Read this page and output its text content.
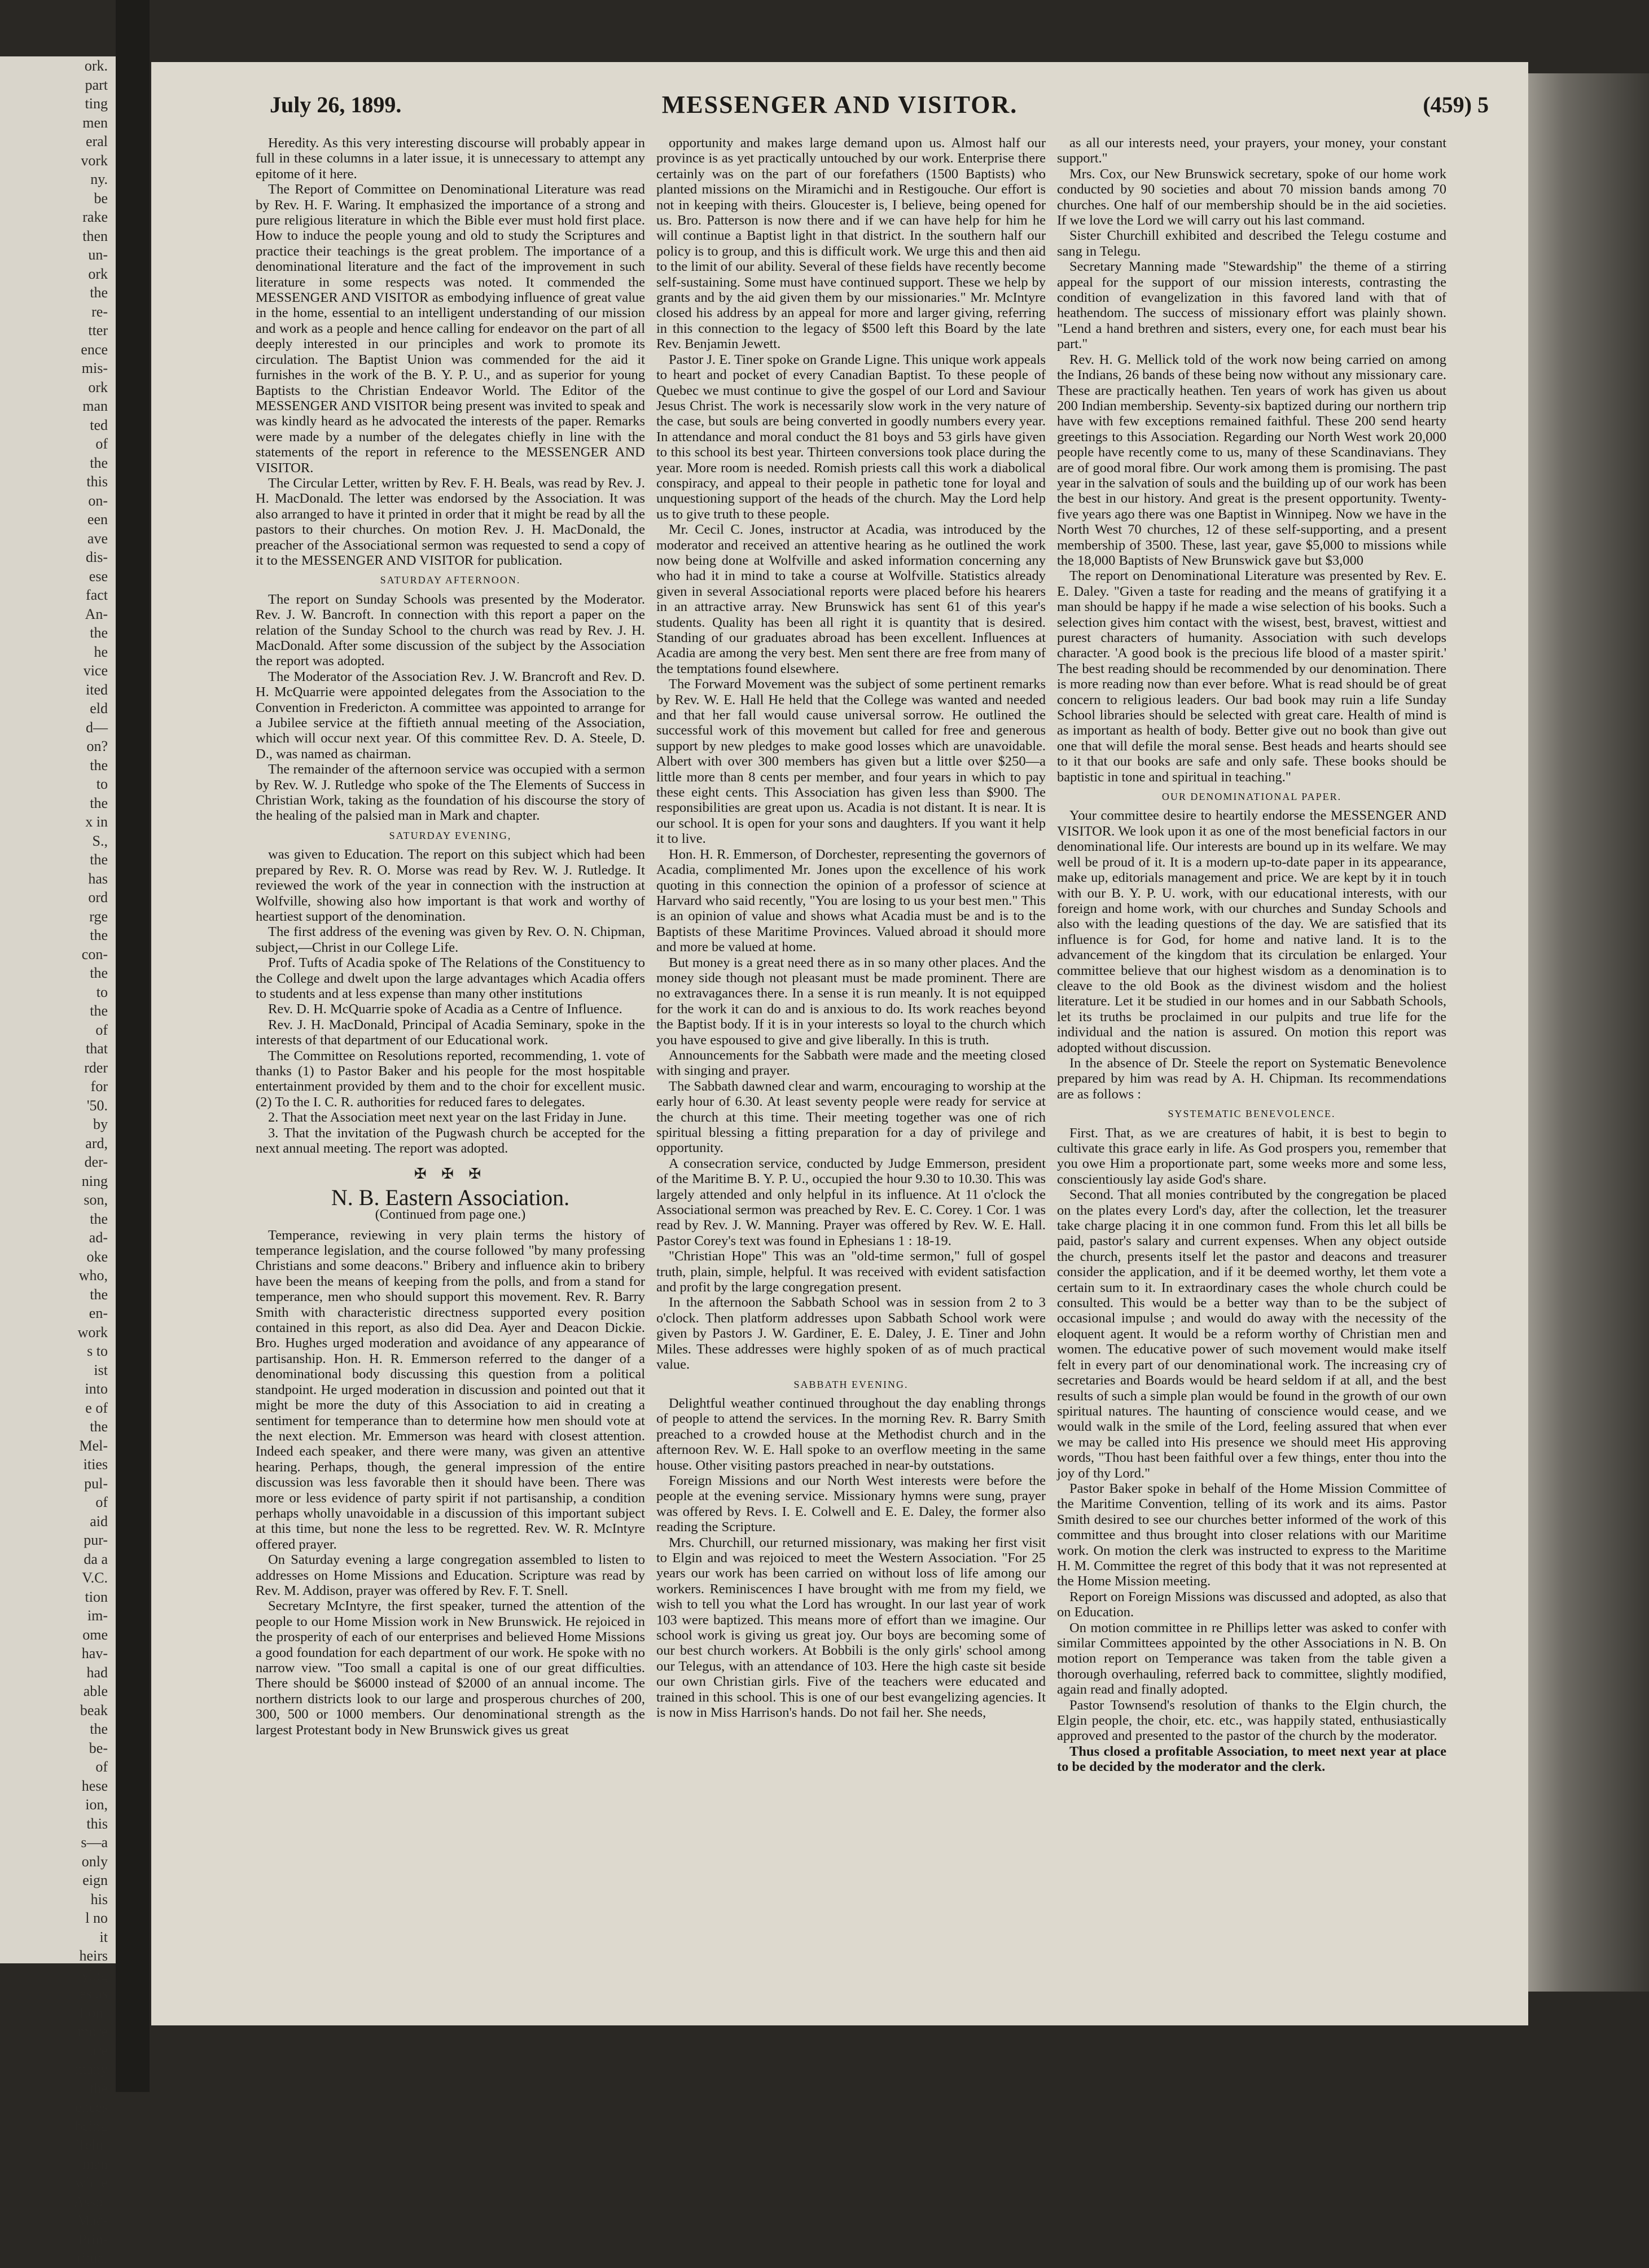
ork.
part
ting
men
eral
vork
ny.
be
rake
then
un-
ork
the
re-
tter
ence
mis-
ork
man
ted
of
the
this
on-
een
ave
dis-
ese
fact
An-
the
he
vice
ited
eld
d—
on?
the
to
the
x in
S.,
the
has
ord
rge
the
con-
the
to
the
of
that
rder
for
'50.
by
ard,
der-
ning
son,
the
ad-
oke
who,
the
en-
work
s to
ist
into
e of
the
Mel-
ities
pul-
of
aid
pur-
da a
V.C.
tion
im-
ome
hav-
had
able
beak
the
be-
of
hese
ion,
this
s—a
only
eign
his
l no
it
heirs
ying
es as
Lon-
more
are
many
the
ences
being
Telu-
man
while
Asso-
Mac-
Prin-
ritual
July 26, 1899.	MESSENGER AND VISITOR.	(459) 5

Heredity. As this very interesting discourse will probably appear in full in these columns in a later issue, it is unnecessary to attempt any epitome of it here.

The Report of Committee on Denominational Literature was read by Rev. H. F. Waring. It emphasized the importance of a strong and pure religious literature in which the Bible ever must hold first place. How to induce the people young and old to study the Scriptures and practice their teachings is the great problem. The importance of a denominational literature and the fact of the improvement in such literature in some respects was noted. It commended the MESSENGER AND VISITOR as embodying influence of great value in the home, essential to an intelligent understanding of our mission and work as a people and hence calling for endeavor on the part of all deeply interested in our principles and work to promote its circulation. The Baptist Union was commended for the aid it furnishes in the work of the B. Y. P. U., and as superior for young Baptists to the Christian Endeavor World. The Editor of the MESSENGER AND VISITOR being present was invited to speak and was kindly heard as he advocated the interests of the paper. Remarks were made by a number of the delegates chiefly in line with the statements of the report in reference to the MESSENGER AND VISITOR.

The Circular Letter, written by Rev. F. H. Beals, was read by Rev. J. H. MacDonald. The letter was endorsed by the Association. It was also arranged to have it printed in order that it might be read by all the pastors to their churches. On motion Rev. J. H. MacDonald, the preacher of the Associational sermon was requested to send a copy of it to the MESSENGER AND VISITOR for publication.

SATURDAY AFTERNOON.

The report on Sunday Schools was presented by the Moderator. Rev. J. W. Bancroft. In connection with this report a paper on the relation of the Sunday School to the church was read by Rev. J. H. MacDonald. After some discussion of the subject by the Association the report was adopted.

The Moderator of the Association Rev. J. W. Brancroft and Rev. D. H. McQuarrie were appointed delegates from the Association to the Convention in Fredericton. A committee was appointed to arrange for a Jubilee service at the fiftieth annual meeting of the Association, which will occur next year. Of this committee Rev. D. A. Steele, D. D., was named as chairman.

The remainder of the afternoon service was occupied with a sermon by Rev. W. J. Rutledge who spoke of the The Elements of Success in Christian Work, taking as the foundation of his discourse the story of the healing of the palsied man in Mark and chapter.

SATURDAY EVENING,

was given to Education. The report on this subject which had been prepared by Rev. R. O. Morse was read by Rev. W. J. Rutledge. It reviewed the work of the year in connection with the instruction at Wolfville, showing also how important is that work and worthy of heartiest support of the denomination.

The first address of the evening was given by Rev. O. N. Chipman, subject,—Christ in our College Life.

Prof. Tufts of Acadia spoke of The Relations of the Constituency to the College and dwelt upon the large advantages which Acadia offers to students and at less expense than many other institutions

Rev. D. H. McQuarrie spoke of Acadia as a Centre of Influence.

Rev. J. H. MacDonald, Principal of Acadia Seminary, spoke in the interests of that department of our Educational work.

The Committee on Resolutions reported, recommending, 1. vote of thanks (1) to Pastor Baker and his people for the most hospitable entertainment provided by them and to the choir for excellent music. (2) To the I. C. R. authorities for reduced fares to delegates.

2. That the Association meet next year on the last Friday in June.

3. That the invitation of the Pugwash church be accepted for the next annual meeting. The report was adopted.

✠ ✠ ✠
N. B. Eastern Association.
(Continued from page one.)

Temperance, reviewing in very plain terms the history of temperance legislation, and the course followed "by many professing Christians and some deacons." Bribery and influence akin to bribery have been the means of keeping from the polls, and from a stand for temperance, men who should support this movement. Rev. R. Barry Smith with characteristic directness supported every position contained in this report, as also did Dea. Ayer and Deacon Dickie. Bro. Hughes urged moderation and avoidance of any appearance of partisanship. Hon. H. R. Emmerson referred to the danger of a denominational body discussing this question from a political standpoint. He urged moderation in discussion and pointed out that it might be more the duty of this Association to aid in creating a sentiment for temperance than to determine how men should vote at the next election. Mr. Emmerson was heard with closest attention. Indeed each speaker, and there were many, was given an attentive hearing. Perhaps, though, the general impression of the entire discussion was less favorable then it should have been. There was more or less evidence of party spirit if not partisanship, a condition perhaps wholly unavoidable in a discussion of this important subject at this time, but none the less to be regretted. Rev. W. R. McIntyre offered prayer.

On Saturday evening a large congregation assembled to listen to addresses on Home Missions and Education. Scripture was read by Rev. M. Addison, prayer was offered by Rev. F. T. Snell.

Secretary McIntyre, the first speaker, turned the attention of the people to our Home Mission work in New Brunswick. He rejoiced in the prosperity of each of our enterprises and believed Home Missions a good foundation for each department of our work. He spoke with no narrow view. "Too small a capital is one of our great difficulties. There should be $6000 instead of $2000 of an annual income. The northern districts look to our large and prosperous churches of 200, 300, 500 or 1000 members. Our denominational strength as the largest Protestant body in New Brunswick gives us great

opportunity and makes large demand upon us. Almost half our province is as yet practically untouched by our work. Enterprise there certainly was on the part of our forefathers (1500 Baptists) who planted missions on the Miramichi and in Restigouche. Our effort is not in keeping with theirs. Gloucester is, I believe, being opened for us. Bro. Patterson is now there and if we can have help for him he will continue a Baptist light in that district. In the southern half our policy is to group, and this is difficult work. We urge this and then aid to the limit of our ability. Several of these fields have recently become self-sustaining. Some must have continued support. These we help by grants and by the aid given them by our missionaries." Mr. McIntyre closed his address by an appeal for more and larger giving, referring in this connection to the legacy of $500 left this Board by the late Rev. Benjamin Jewett.

Pastor J. E. Tiner spoke on Grande Ligne. This unique work appeals to heart and pocket of every Canadian Baptist. To these people of Quebec we must continue to give the gospel of our Lord and Saviour Jesus Christ. The work is necessarily slow work in the very nature of the case, but souls are being converted in goodly numbers every year. In attendance and moral conduct the 81 boys and 53 girls have given to this school its best year. Thirteen conversions took place during the year. More room is needed. Romish priests call this work a diabolical conspiracy, and appeal to their people in pathetic tone for loyal and unquestioning support of the heads of the church. May the Lord help us to give truth to these people.

Mr. Cecil C. Jones, instructor at Acadia, was introduced by the moderator and received an attentive hearing as he outlined the work now being done at Wolfville and asked information concerning any who had it in mind to take a course at Wolfville. Statistics already given in several Associational reports were placed before his hearers in an attractive array. New Brunswick has sent 61 of this year's students. Quality has been all right it is quantity that is desired. Standing of our graduates abroad has been excellent. Influences at Acadia are among the very best. Men sent there are free from many of the temptations found elsewhere.

The Forward Movement was the subject of some pertinent remarks by Rev. W. E. Hall He held that the College was wanted and needed and that her fall would cause universal sorrow. He outlined the successful work of this movement but called for free and generous support by new pledges to make good losses which are unavoidable. Albert with over 300 members has given but a little over $250—a little more than 8 cents per member, and four years in which to pay these eight cents. This Association has given less than $900. The responsibilities are great upon us. Acadia is not distant. It is near. It is our school. It is open for your sons and daughters. If you want it help it to live.

Hon. H. R. Emmerson, of Dorchester, representing the governors of Acadia, complimented Mr. Jones upon the excellence of his work quoting in this connection the opinion of a professor of science at Harvard who said recently, "You are losing to us your best men." This is an opinion of value and shows what Acadia must be and is to the Baptists of these Maritime Provinces. Valued abroad it should more and more be valued at home.

But money is a great need there as in so many other places. And the money side though not pleasant must be made prominent. There are no extravagances there. In a sense it is run meanly. It is not equipped for the work it can do and is anxious to do. Its work reaches beyond the Baptist body. If it is in your interests so loyal to the church which you have espoused to give and give liberally. In this is truth.

Announcements for the Sabbath were made and the meeting closed with singing and prayer.

The Sabbath dawned clear and warm, encouraging to worship at the early hour of 6.30. At least seventy people were ready for service at the church at this time. Their meeting together was one of rich spiritual blessing a fitting preparation for a day of privilege and opportunity.

A consecration service, conducted by Judge Emmerson, president of the Maritime B. Y. P. U., occupied the hour 9.30 to 10.30. This was largely attended and only helpful in its influence. At 11 o'clock the Associational sermon was preached by Rev. E. C. Corey. 1 Cor. 1 was read by Rev. J. W. Manning. Prayer was offered by Rev. W. E. Hall. Pastor Corey's text was found in Ephesians 1 : 18-19.

"Christian Hope" This was an "old-time sermon," full of gospel truth, plain, simple, helpful. It was received with evident satisfaction and profit by the large congregation present.

In the afternoon the Sabbath School was in session from 2 to 3 o'clock. Then platform addresses upon Sabbath School work were given by Pastors J. W. Gardiner, E. E. Daley, J. E. Tiner and John Miles. These addresses were highly spoken of as of much practical value.

SABBATH EVENING.

Delightful weather continued throughout the day enabling throngs of people to attend the services. In the morning Rev. R. Barry Smith preached to a crowded house at the Methodist church and in the afternoon Rev. W. E. Hall spoke to an overflow meeting in the same house. Other visiting pastors preached in near-by outstations.

Foreign Missions and our North West interests were before the people at the evening service. Missionary hymns were sung, prayer was offered by Revs. I. E. Colwell and E. E. Daley, the former also reading the Scripture.

Mrs. Churchill, our returned missionary, was making her first visit to Elgin and was rejoiced to meet the Western Association. "For 25 years our work has been carried on without loss of life among our workers. Reminiscences I have brought with me from my field, we wish to tell you what the Lord has wrought. In our last year of work 103 were baptized. This means more of effort than we imagine. Our school work is giving us great joy. Our boys are becoming some of our best church workers. At Bobbili is the only girls' school among our Telegus, with an attendance of 103. Here the high caste sit beside our own Christian girls. Five of the teachers were educated and trained in this school. This is one of our best evangelizing agencies. It is now in Miss Harrison's hands. Do not fail her. She needs,

as all our interests need, your prayers, your money, your constant support."

Mrs. Cox, our New Brunswick secretary, spoke of our home work conducted by 90 societies and about 70 mission bands among 70 churches. One half of our membership should be in the aid societies. If we love the Lord we will carry out his last command.

Sister Churchill exhibited and described the Telegu costume and sang in Telegu.

Secretary Manning made "Stewardship" the theme of a stirring appeal for the support of our mission interests, contrasting the condition of evangelization in this favored land with that of heathendom. The success of missionary effort was plainly shown. "Lend a hand brethren and sisters, every one, for each must bear his part."

Rev. H. G. Mellick told of the work now being carried on among the Indians, 26 bands of these being now without any missionary care. These are practically heathen. Ten years of work has given us about 200 Indian membership. Seventy-six baptized during our northern trip have with few exceptions remained faithful. These 200 send hearty greetings to this Association. Regarding our North West work 20,000 people have recently come to us, many of these Scandinavians. They are of good moral fibre. Our work among them is promising. The past year in the salvation of souls and the building up of our work has been the best in our history. And great is the present opportunity. Twenty-five years ago there was one Baptist in Winnipeg. Now we have in the North West 70 churches, 12 of these self-supporting, and a present membership of 3500. These, last year, gave $5,000 to missions while the 18,000 Baptists of New Brunswick gave but $3,000

The report on Denominational Literature was presented by Rev. E. E. Daley. "Given a taste for reading and the means of gratifying it a man should be happy if he made a wise selection of his books. Such a selection gives him contact with the wisest, best, bravest, wittiest and purest characters of humanity. Association with such develops character. 'A good book is the precious life blood of a master spirit.' The best reading should be recommended by our denomination. There is more reading now than ever before. What is read should be of great concern to religious leaders. Our bad book may ruin a life Sunday School libraries should be selected with great care. Health of mind is as important as health of body. Better give out no book than give out one that will defile the moral sense. Best heads and hearts should see to it that our books are safe and only safe. These books should be baptistic in tone and spiritual in teaching."

OUR DENOMINATIONAL PAPER.

Your committee desire to heartily endorse the MESSENGER AND VISITOR. We look upon it as one of the most beneficial factors in our denominational life. Our interests are bound up in its welfare. We may well be proud of it. It is a modern up-to-date paper in its appearance, make up, editorials management and price. We are kept by it in touch with our B. Y. P. U. work, with our educational interests, with our foreign and home work, with our churches and Sunday Schools and also with the leading questions of the day. We are satisfied that its influence is for God, for home and native land. It is to the advancement of the kingdom that its circulation be enlarged. Your committee believe that our highest wisdom as a denomination is to cleave to the old Book as the divinest wisdom and the holiest literature. Let it be studied in our homes and in our Sabbath Schools, let its truths be proclaimed in our pulpits and true life for the individual and the nation is assured. On motion this report was adopted without discussion.

In the absence of Dr. Steele the report on Systematic Benevolence prepared by him was read by A. H. Chipman. Its recommendations are as follows :

SYSTEMATIC BENEVOLENCE.

First. That, as we are creatures of habit, it is best to begin to cultivate this grace early in life. As God prospers you, remember that you owe Him a proportionate part, some weeks more and some less, conscientiously lay aside God's share.

Second. That all monies contributed by the congregation be placed on the plates every Lord's day, after the collection, let the treasurer take charge placing it in one common fund. From this let all bills be paid, pastor's salary and current expenses. When any object outside the church, presents itself let the pastor and deacons and treasurer consider the application, and if it be deemed worthy, let them vote a certain sum to it. In extraordinary cases the whole church could be consulted. This would be a better way than to be the subject of occasional impulse ; and would do away with the necessity of the eloquent agent. It would be a reform worthy of Christian men and women. The educative power of such movement would make itself felt in every part of our denominational work. The increasing cry of secretaries and Boards would be heard seldom if at all, and the best results of such a simple plan would be found in the growth of our own spiritual natures. The haunting of conscience would cease, and we would walk in the smile of the Lord, feeling assured that when ever we may be called into His presence we should meet His approving words, "Thou hast been faithful over a few things, enter thou into the joy of thy Lord."

Pastor Baker spoke in behalf of the Home Mission Committee of the Maritime Convention, telling of its work and its aims. Pastor Smith desired to see our churches better informed of the work of this committee and thus brought into closer relations with our Maritime work. On motion the clerk was instructed to express to the Maritime H. M. Committee the regret of this body that it was not represented at the Home Mission meeting.

Report on Foreign Missions was discussed and adopted, as also that on Education.

On motion committee in re Phillips letter was asked to confer with similar Committees appointed by the other Associations in N. B. On motion report on Temperance was taken from the table given a thorough overhauling, referred back to committee, slightly modified, again read and finally adopted.

Pastor Townsend's resolution of thanks to the Elgin church, the Elgin people, the choir, etc. etc., was happily stated, enthusiastically approved and presented to the pastor of the church by the moderator.

Thus closed a profitable Association, to meet next year at place to be decided by the moderator and the clerk.
